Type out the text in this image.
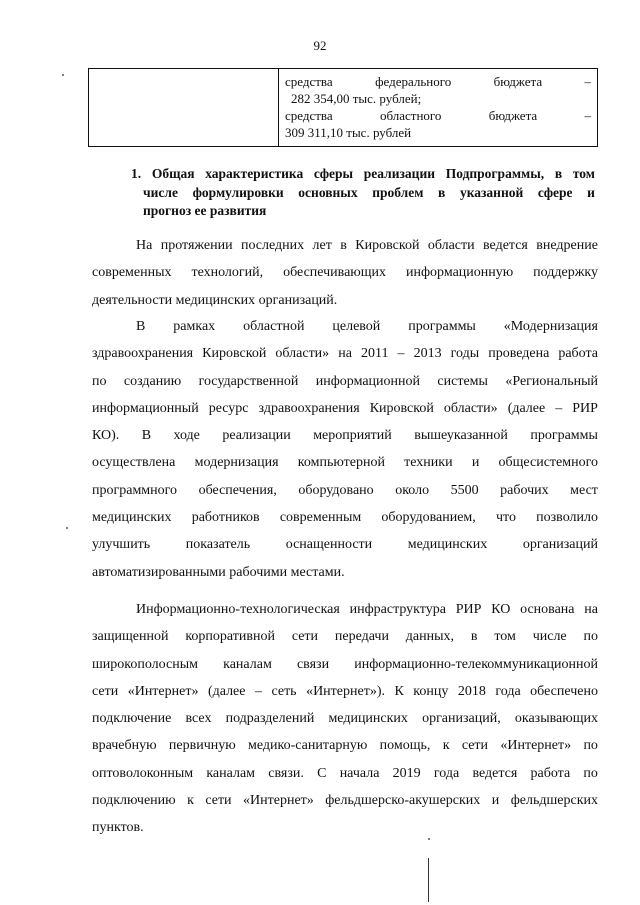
92
средства	федерального	бюджета	–
282 354,00 тыс. рублей;
средства	областного	бюджета	–
309 311,10 тыс. рублей
1. Общая характеристика сферы реализации Подпрограммы, в том
числе формулировки основных проблем в указанной сфере и
прогноз ее развития
На протяжении последних лет в Кировской области ведется внедрение
современных технологий, обеспечивающих информационную поддержку
деятельности медицинских организаций.
В рамках областной целевой программы «Модернизация
здравоохранения Кировской области» на 2011 – 2013 годы проведена работа
по созданию государственной информационной системы «Региональный
информационный ресурс здравоохранения Кировской области» (далее – РИР
КО). В ходе реализации мероприятий вышеуказанной программы
осуществлена модернизация компьютерной техники и общесистемного
программного обеспечения, оборудовано около 5500 рабочих мест
медицинских работников современным оборудованием, что позволило
улучшить	показатель	оснащенности	медицинских	организаций
автоматизированными рабочими местами.
Информационно-технологическая инфраструктура РИР КО основана на
защищенной корпоративной сети передачи данных, в том числе по
широкополосным каналам связи информационно-телекоммуникационной
сети «Интернет» (далее – сеть «Интернет»). К концу 2018 года обеспечено
подключение всех подразделений медицинских организаций, оказывающих
врачебную первичную медико-санитарную помощь, к сети «Интернет» по
оптоволоконным каналам связи. С начала 2019 года ведется работа по
подключению к сети «Интернет» фельдшерско-акушерских и фельдшерских
пунктов.
